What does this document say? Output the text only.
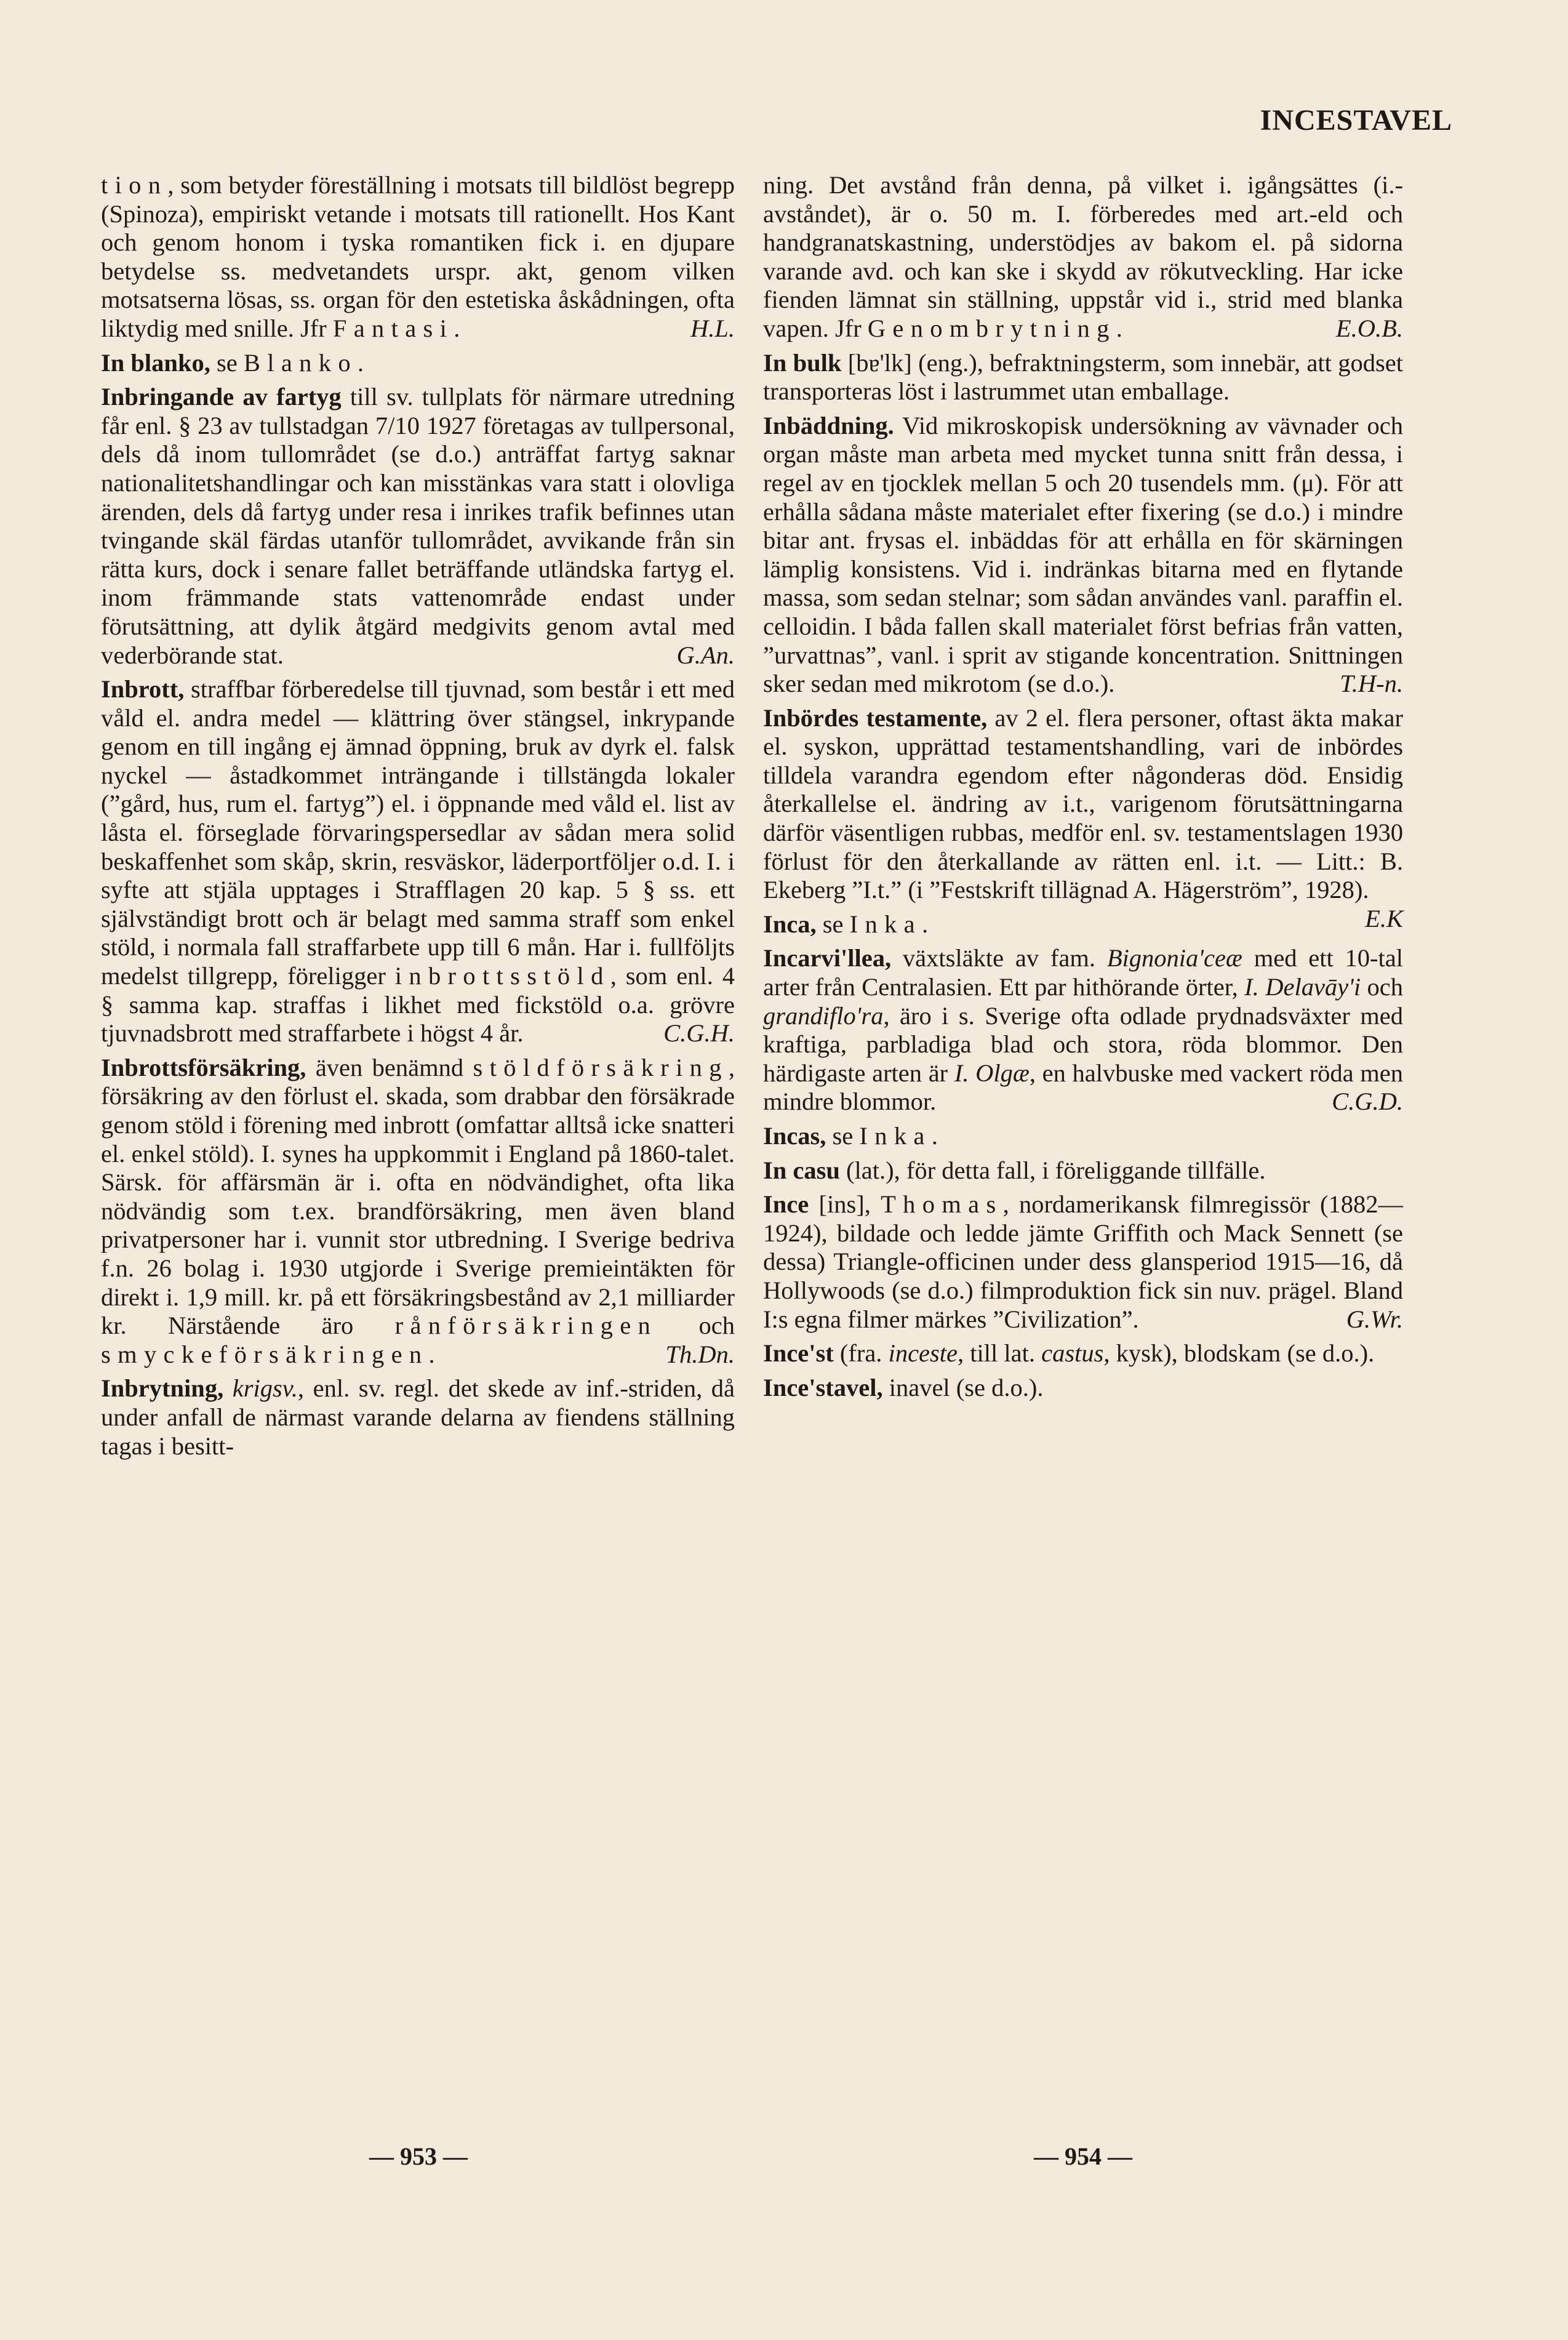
INCESTAVEL

tion, som betyder föreställning i motsats till bildlöst begrepp (Spinoza), empiriskt vetande i motsats till rationellt. Hos Kant och genom honom i tyska romantiken fick i. en djupare betydelse ss. medvetandets urspr. akt, genom vilken motsatserna lösas, ss. organ för den estetiska åskådningen, ofta liktydig med snille. Jfr Fantasi.	H.L.

In blanko, se Blanko.

Inbringande av fartyg till sv. tullplats för närmare utredning får enl. § 23 av tullstadgan 7/10 1927 företagas av tullpersonal, dels då inom tullområdet (se d.o.) anträffat fartyg saknar nationalitetshandlingar och kan misstänkas vara statt i olovliga ärenden, dels då fartyg under resa i inrikes trafik befinnes utan tvingande skäl färdas utanför tullområdet, avvikande från sin rätta kurs, dock i senare fallet beträffande utländska fartyg el. inom främmande stats vattenområde endast under förutsättning, att dylik åtgärd medgivits genom avtal med vederbörande stat.	G.An.

Inbrott, straffbar förberedelse till tjuvnad, som består i ett med våld el. andra medel — klättring över stängsel, inkrypande genom en till ingång ej ämnad öppning, bruk av dyrk el. falsk nyckel — åstadkommet inträngande i tillstängda lokaler (”gård, hus, rum el. fartyg”) el. i öppnande med våld el. list av låsta el. förseglade förvaringspersedlar av sådan mera solid beskaffenhet som skåp, skrin, resväskor, läderportföljer o.d. I. i syfte att stjäla upptages i Strafflagen 20 kap. 5 § ss. ett självständigt brott och är belagt med samma straff som enkel stöld, i normala fall straffarbete upp till 6 mån. Har i. fullföljts medelst tillgrepp, föreligger inbrottsstöld, som enl. 4 § samma kap. straffas i likhet med fickstöld o.a. grövre tjuvnadsbrott med straffarbete i högst 4 år.	C.G.H.

Inbrottsförsäkring, även benämnd stöldförsäkring, försäkring av den förlust el. skada, som drabbar den försäkrade genom stöld i förening med inbrott (omfattar alltså icke snatteri el. enkel stöld). I. synes ha uppkommit i England på 1860-talet. Särsk. för affärsmän är i. ofta en nödvändighet, ofta lika nödvändig som t.ex. brandförsäkring, men även bland privatpersoner har i. vunnit stor utbredning. I Sverige bedriva f.n. 26 bolag i. 1930 utgjorde i Sverige premieintäkten för direkt i. 1,9 mill. kr. på ett försäkringsbestånd av 2,1 milliarder kr. Närstående äro rånförsäkringen och smyckeförsäkringen.	Th.Dn.

Inbrytning, krigsv., enl. sv. regl. det skede av inf.-striden, då under anfall de närmast varande delarna av fiendens ställning tagas i besitt-

ning. Det avstånd från denna, på vilket i. igångsättes (i.-avståndet), är o. 50 m. I. förberedes med art.-eld och handgranatskastning, understödjes av bakom el. på sidorna varande avd. och kan ske i skydd av rökutveckling. Har icke fienden lämnat sin ställning, uppstår vid i., strid med blanka vapen. Jfr Genombrytning.	E.O.B.

In bulk [bɐ'lk] (eng.), befraktningsterm, som innebär, att godset transporteras löst i lastrummet utan emballage.

Inbäddning. Vid mikroskopisk undersökning av vävnader och organ måste man arbeta med mycket tunna snitt från dessa, i regel av en tjocklek mellan 5 och 20 tusendels mm. (μ). För att erhålla sådana måste materialet efter fixering (se d.o.) i mindre bitar ant. frysas el. inbäddas för att erhålla en för skärningen lämplig konsistens. Vid i. indränkas bitarna med en flytande massa, som sedan stelnar; som sådan användes vanl. paraffin el. celloidin. I båda fallen skall materialet först befrias från vatten, ”urvattnas”, vanl. i sprit av stigande koncentration. Snittningen sker sedan med mikrotom (se d.o.).	T.H-n.

Inbördes testamente, av 2 el. flera personer, oftast äkta makar el. syskon, upprättad testamentshandling, vari de inbördes tilldela varandra egendom efter någonderas död. Ensidig återkallelse el. ändring av i.t., varigenom förutsättningarna därför väsentligen rubbas, medför enl. sv. testamentslagen 1930 förlust för den återkallande av rätten enl. i.t. — Litt.: B. Ekeberg ”I.t.” (i ”Festskrift tillägnad A. Hägerström”, 1928).
E.K

Inca, se Inka.

Incarvi'llea, växtsläkte av fam. Bignonia'ceæ med ett 10-tal arter från Centralasien. Ett par hithörande örter, I. Delavāy'i och grandiflo'ra, äro i s. Sverige ofta odlade prydnadsväxter med kraftiga, parbladiga blad och stora, röda blommor. Den härdigaste arten är I. Olgæ, en halvbuske med vackert röda men mindre blommor.	C.G.D.

Incas, se Inka.

In casu (lat.), för detta fall, i föreliggande tillfälle.

Ince [ins], Thomas, nordamerikansk filmregissör (1882—1924), bildade och ledde jämte Griffith och Mack Sennett (se dessa) Triangle-officinen under dess glansperiod 1915—16, då Hollywoods (se d.o.) filmproduktion fick sin nuv. prägel. Bland I:s egna filmer märkes ”Civilization”.	G.Wr.

Ince'st (fra. inceste, till lat. castus, kysk), blodskam (se d.o.).

Ince'stavel, inavel (se d.o.).

— 953 —	— 954 —
